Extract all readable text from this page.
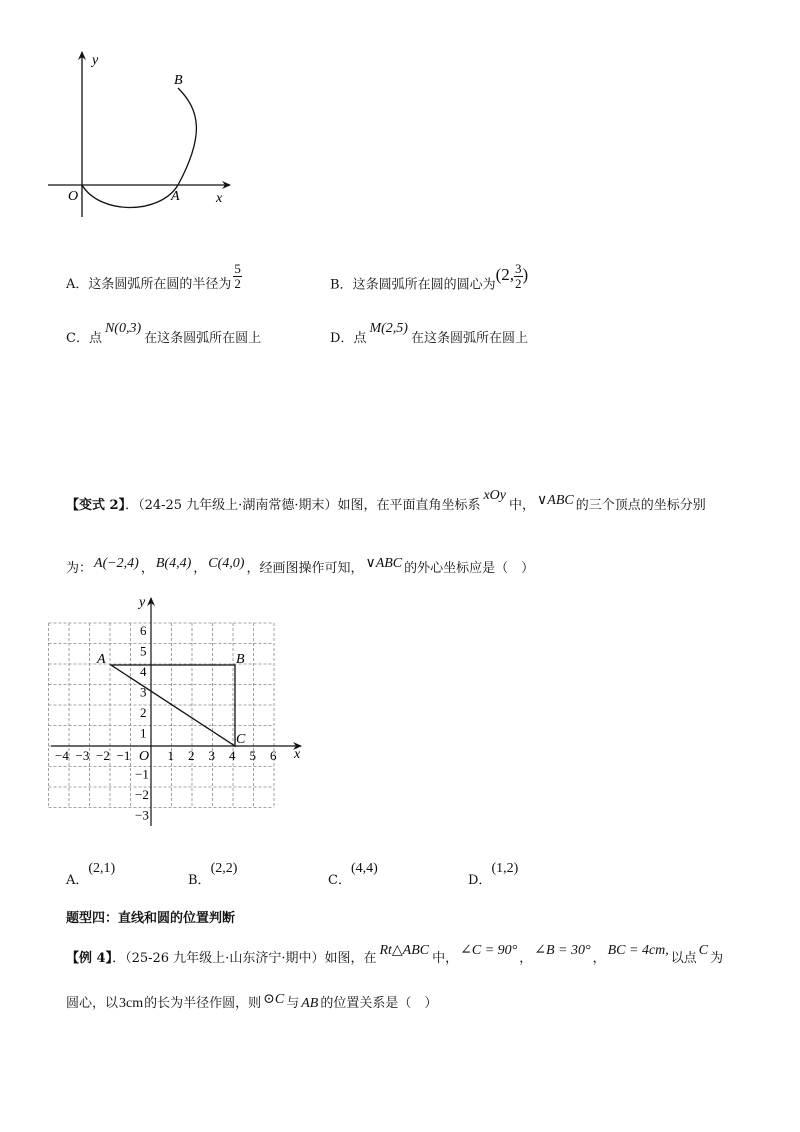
y
x
O	A
B
A．这条圆弧所在圆的半径为 $\frac{5}{2}$	B．这条圆弧所在圆的圆心为(2, $\frac{3}{2}$ )
C．点N(0,3)在这条圆弧所在圆上	D．点M(2,5)在这条圆弧所在圆上
【变式 2】．（24-25 九年级上·湖南常德·期末）如图，在平面直角坐标系xOy中， ∨ABC 的三个顶点的坐标分别
为： A(−2,4) ， B(4,4) ， C(4,0) ，经画图操作可知， ∨ABC 的外心坐标应是（　）
−4 −3 −2 −1	1 2 3 4 5 6
6
5
4
3
2
1
−1
−2
−3
x
y
O
A	B
C
A．(2,1)
B．(2,2)
C．(4,4)
D．(1,2)
题型四：直线和圆的位置判断
【例 4】．（25-26 九年级上·山东济宁·期中）如图，在Rt△ABC中，∠C = 90°，∠B = 30°，BC = 4cm,以点C为
圆心，以3cm的长为半径作圆，则 ⊙C 与 AB 的位置关系是（　）
